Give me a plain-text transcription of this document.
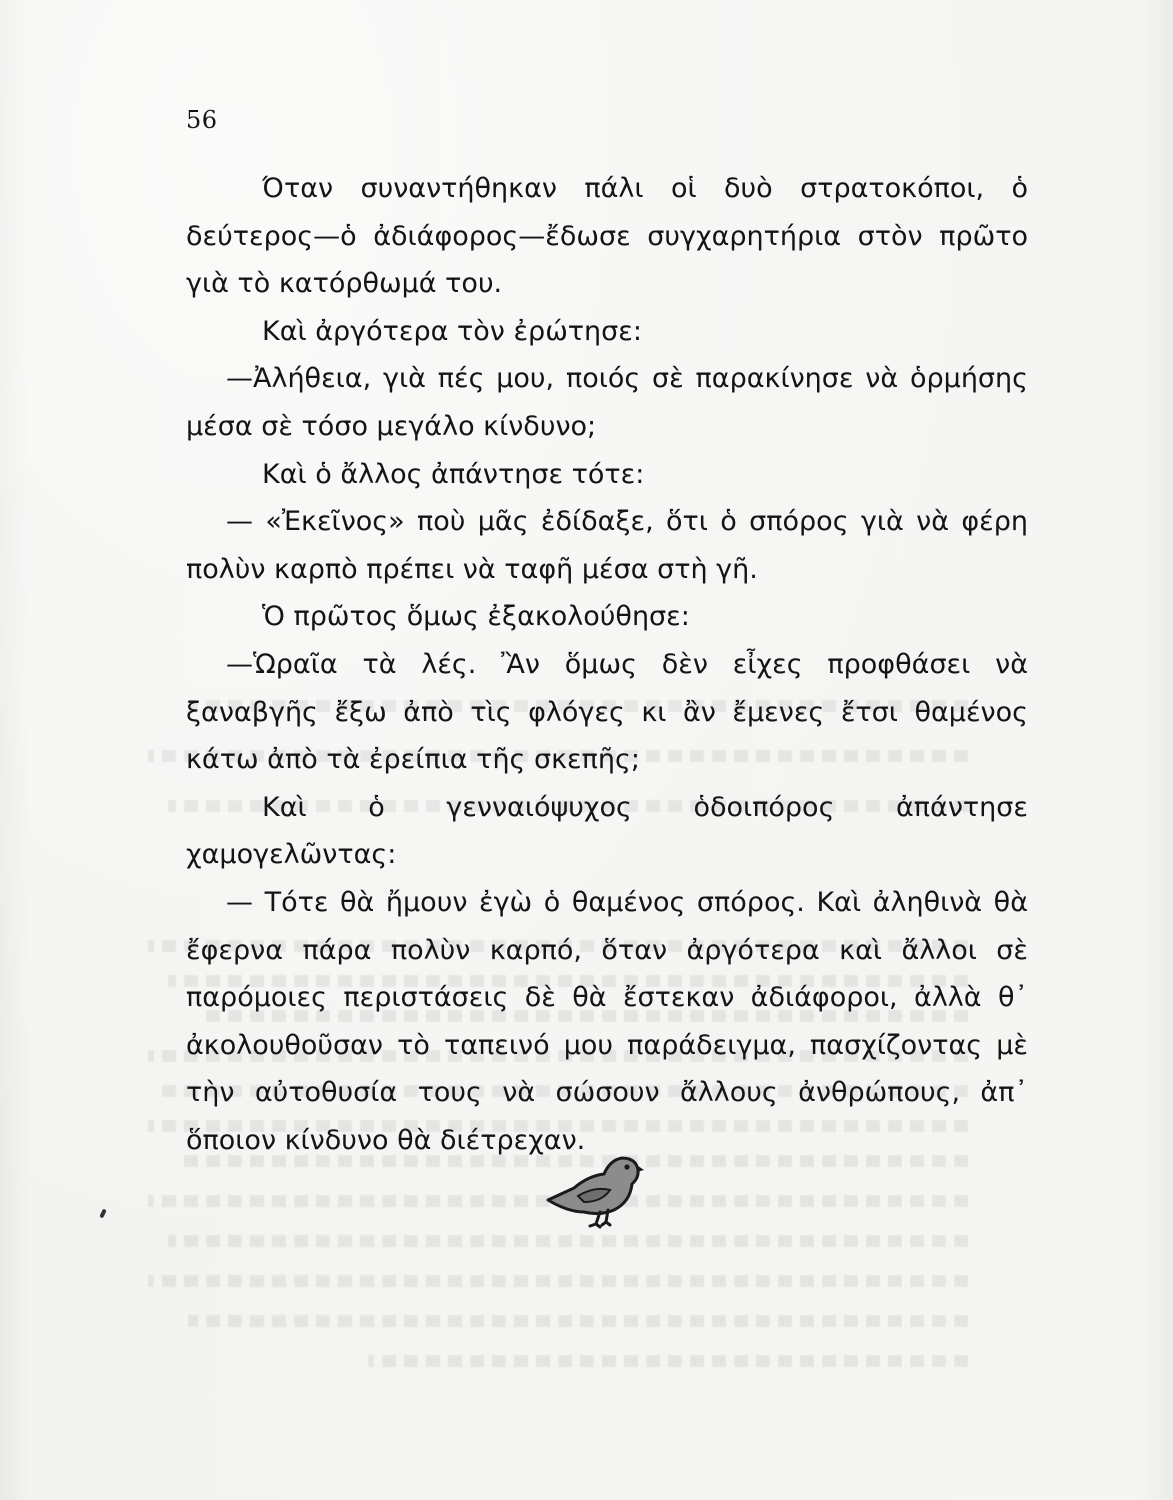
56

Όταν συναντήθηκαν πάλι οἱ δυὸ στρατοκόποι, ὁ δεύτερος—ὁ ἀδιάφορος—ἔδωσε συγχαρητήρια στὸν πρῶτο γιὰ τὸ κατόρθωμά του.

Καὶ ἀργότερα τὸν ἐρώτησε:

—Ἀλήθεια, γιὰ πές μου, ποιός σὲ παρακίνησε νὰ ὁρμήσης μέσα σὲ τόσο μεγάλο κίνδυνο;

Καὶ ὁ ἄλλος ἀπάντησε τότε:

— «Ἐκεῖνος» ποὺ μᾶς ἐδίδαξε, ὅτι ὁ σπόρος γιὰ νὰ φέρη πολὺν καρπὸ πρέπει νὰ ταφῆ μέσα στὴ γῆ.

Ὁ πρῶτος ὅμως ἐξακολούθησε:

—Ὡραῖα τὰ λές. Ἂν ὅμως δὲν εἶχες προφθάσει νὰ ξαναβγῆς ἔξω ἀπὸ τὶς φλόγες κι ἂν ἔμενες ἔτσι θαμένος κάτω ἀπὸ τὰ ἐρείπια τῆς σκεπῆς;

Καὶ ὁ γενναιόψυχος ὁδοιπόρος ἀπάντησε χαμογελῶντας:

— Τότε θὰ ἤμουν ἐγὼ ὁ θαμένος σπόρος. Καὶ ἀληθινὰ θὰ ἔφερνα πάρα πολὺν καρπό, ὅταν ἀργότερα καὶ ἄλλοι σὲ παρόμοιες περιστάσεις δὲ θὰ ἔστεκαν ἀδιάφοροι, ἀλλὰ θ᾽ ἀκολουθοῦσαν τὸ ταπεινό μου παράδειγμα, πασχίζοντας μὲ τὴν αὐτοθυσία τους νὰ σώσουν ἄλλους ἀνθρώπους, ἀπ᾽ ὅποιον κίνδυνο θὰ διέτρεχαν.
